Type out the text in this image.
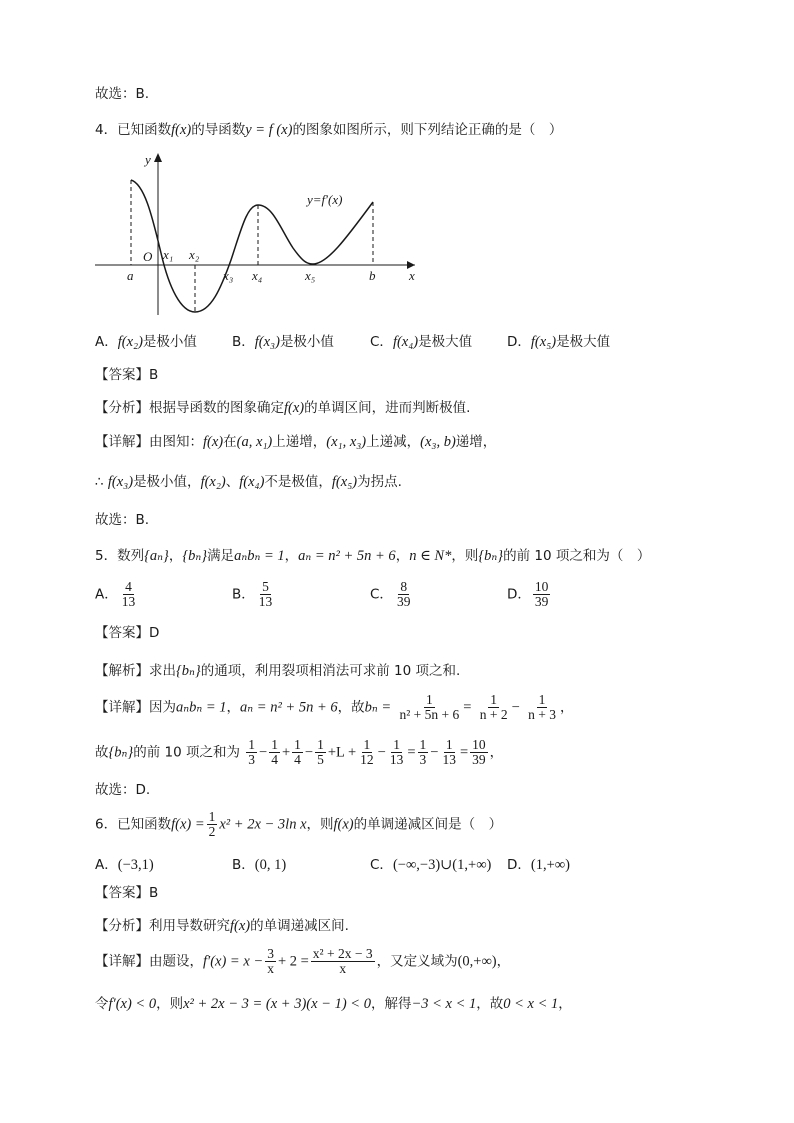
故选：B.
4．已知函数f(x)的导函数y = f (x)的图象如图所示，则下列结论正确的是（　）
y
x
O
y=f′(x)
a	b
x₁ x₂
x₃ x₄	x₅
A．f(x₂)是极小值	B．f(x₃)是极小值	C．f(x₄)是极大值	D．f(x₅)是极大值
【答案】B
【分析】根据导函数的图象确定f(x)的单调区间，进而判断极值.
【详解】由图知：f(x)在(a, x₁)上递增，(x₁, x₃)上递减，(x₃, b)递增，
∴ f(x₃)是极小值，f(x₂)、f(x₄)不是极值，f(x₅)为拐点.
故选：B.
5．数列{aₙ}，{bₙ}满足aₙbₙ = 1，aₙ = n² + 5n + 6，n ∈ N*，则{bₙ}的前 10 项之和为（　）
A． $\frac{4}{13}$	B． $\frac{5}{13}$	C． $\frac{8}{39}$	D． $\frac{10}{39}$
【答案】D
【解析】求出{bₙ}的通项，利用裂项相消法可求前 10 项之和.
【详解】因为aₙbₙ = 1，aₙ = n² + 5n + 6，故$b_n = \frac{1}{\text{n² + 5n + 6}} = \frac{1}{n + 2} - \frac{1}{n + 3}$ ，
故{bₙ}的前 10 项之和为 $\frac{1}{3} - \frac{1}{4} + \frac{1}{4} - \frac{1}{5} +L + \frac{1}{12} - \frac{1}{13} = \frac{1}{3} - \frac{1}{13} = \frac{10}{39}$ ，
故选：D.
6．已知函数$f(x) = \frac{1}{2} x^2 + 2x - 3\ln$ x，则f(x)的单调递减区间是（　）
A．(−3,1)	B．(0, 1)	C．(−∞,−3)∪(1,+∞) D．(1,+∞)
【答案】B
【分析】利用导数研究f(x)的单调递减区间.
【详解】由题设，$f'(x) = x - \frac{3}{x} + 2 = \frac{\text{x² + 2x − 3}}{x}$ ，又定义域为(0,+∞)，
令f′(x) < 0，则x² + 2x − 3 = (x + 3)(x − 1) < 0，解得−3 < x < 1，故0 < x < 1，
